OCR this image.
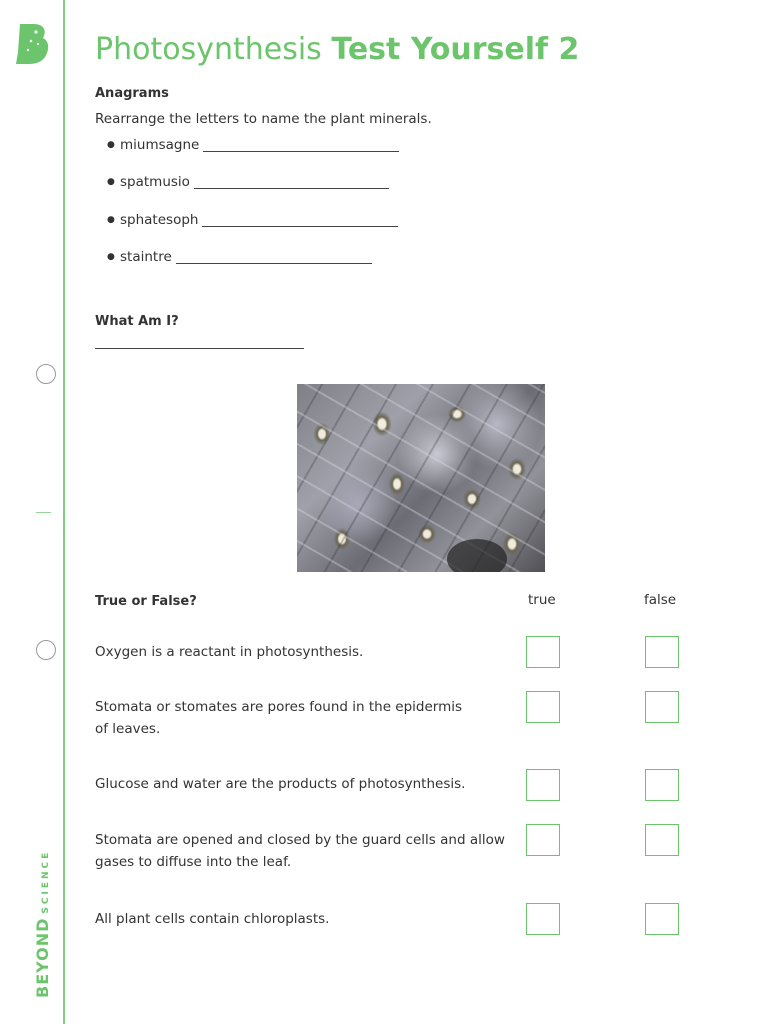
BEYONDSCIENCE
Photosynthesis Test Yourself 2
Anagrams
Rearrange the letters to name the plant minerals.
● miumsagne
● spatmusio
● sphatesoph
● staintre
What Am I?
True or False?	true	false
Oxygen is a reactant in photosynthesis.
Stomata or stomates are pores found in the epidermis
of leaves.
Glucose and water are the products of photosynthesis.
Stomata are opened and closed by the guard cells and allow
gases to diffuse into the leaf.
All plant cells contain chloroplasts.
